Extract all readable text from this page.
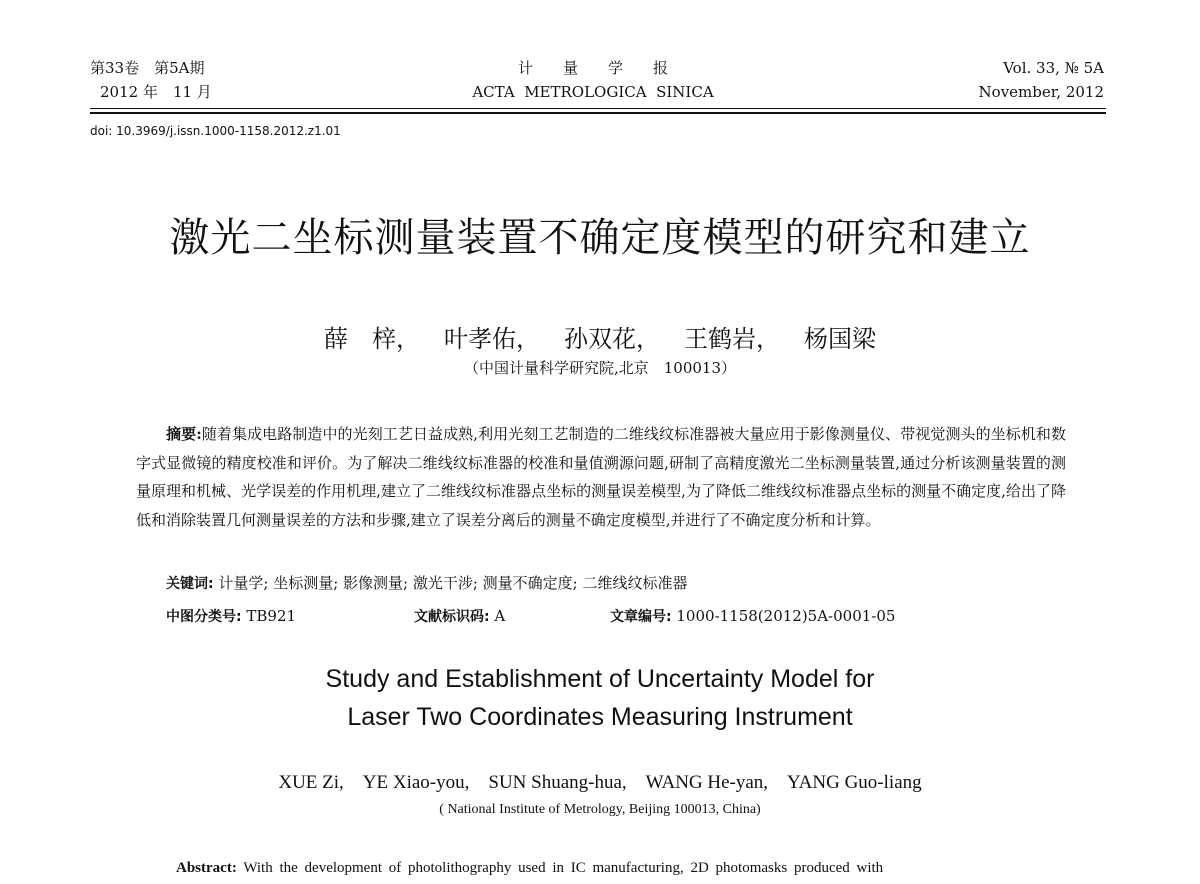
第33卷　第5A期
2012 年　11 月
计　　量　　学　　报
ACTA  METROLOGICA  SINICA
Vol. 33, № 5A
November, 2012
doi: 10.3969/j.issn.1000-1158.2012.z1.01
激光二坐标测量装置不确定度模型的研究和建立
薛　梓， 叶孝佑， 孙双花， 王鹤岩， 杨国梁
（中国计量科学研究院,北京　100013）
摘要:随着集成电路制造中的光刻工艺日益成熟,利用光刻工艺制造的二维线纹标准器被大量应用于影像测量仪、带视觉测头的坐标机和数字式显微镜的精度校准和评价。为了解决二维线纹标准器的校准和量值溯源问题,研制了高精度激光二坐标测量装置,通过分析该测量装置的测量原理和机械、光学误差的作用机理,建立了二维线纹标准器点坐标的测量误差模型,为了降低二维线纹标准器点坐标的测量不确定度,给出了降低和消除装置几何测量误差的方法和步骤,建立了误差分离后的测量不确定度模型,并进行了不确定度分析和计算。
关键词: 计量学; 坐标测量; 影像测量; 激光干涉; 测量不确定度; 二维线纹标准器
中图分类号: TB921	文献标识码: A	文章编号: 1000-1158(2012)5A-0001-05
Study and Establishment of Uncertainty Model for
Laser Two Coordinates Measuring Instrument
XUE Zi,　YE Xiao-you,　SUN Shuang-hua,　WANG He-yan,　YANG Guo-liang
( National Institute of Metrology, Beijing 100013, China)
Abstract: With the development of photolithography used in IC manufacturing, 2D photomasks produced with
